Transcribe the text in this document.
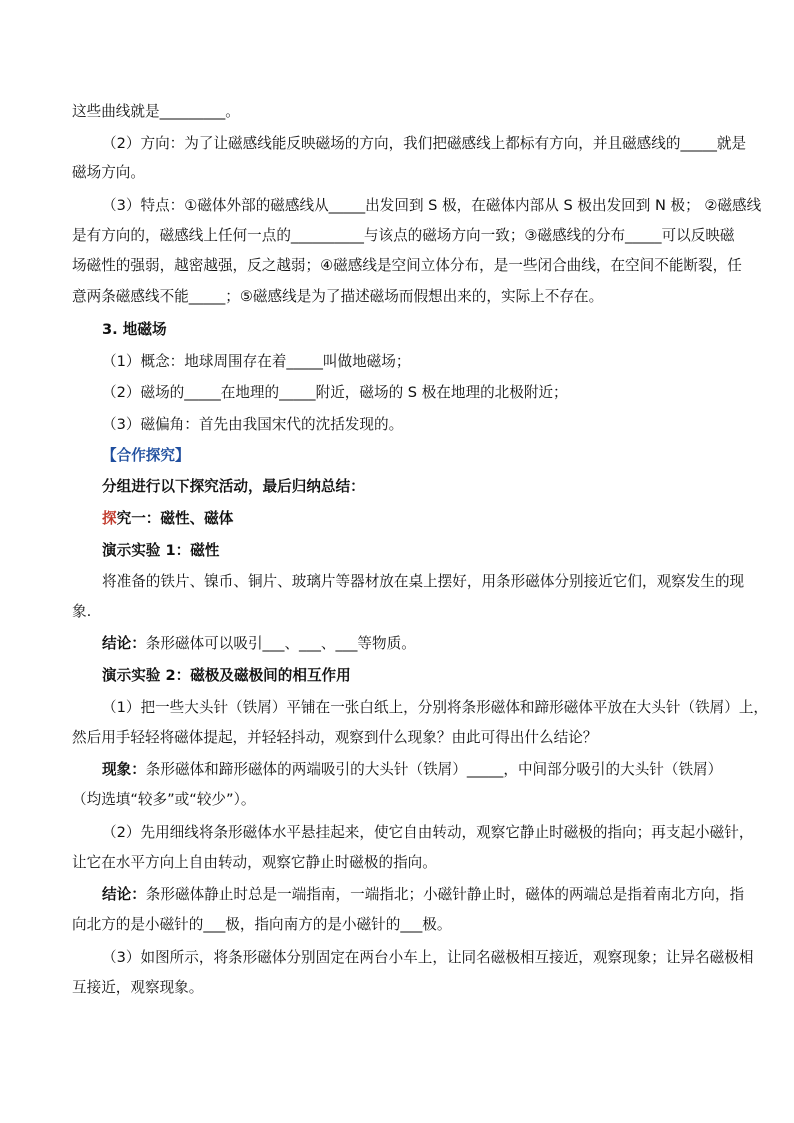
这些曲线就是_________。
（2）方向：为了让磁感线能反映磁场的方向，我们把磁感线上都标有方向，并且磁感线的_____就是
磁场方向。
（3）特点：①磁体外部的磁感线从_____出发回到 S 极，在磁体内部从 S 极出发回到 N 极； ②磁感线
是有方向的，磁感线上任何一点的__________与该点的磁场方向一致；③磁感线的分布_____可以反映磁
场磁性的强弱，越密越强，反之越弱；④磁感线是空间立体分布，是一些闭合曲线，在空间不能断裂，任
意两条磁感线不能_____；⑤磁感线是为了描述磁场而假想出来的，实际上不存在。
3. 地磁场
（1）概念：地球周围存在着_____叫做地磁场；
（2）磁场的_____在地理的_____附近，磁场的 S 极在地理的北极附近；
（3）磁偏角：首先由我国宋代的沈括发现的。
【合作探究】
分组进行以下探究活动，最后归纳总结：
探究一：磁性、磁体
演示实验 1：磁性
将准备的铁片、镍币、铜片、玻璃片等器材放在桌上摆好，用条形磁体分别接近它们，观察发生的现
象.
结论：条形磁体可以吸引___、___、___等物质。
演示实验 2：磁极及磁极间的相互作用
（1）把一些大头针（铁屑）平铺在一张白纸上，分别将条形磁体和蹄形磁体平放在大头针（铁屑）上，
然后用手轻轻将磁体提起，并轻轻抖动，观察到什么现象？由此可得出什么结论？
现象：条形磁体和蹄形磁体的两端吸引的大头针（铁屑）_____，中间部分吸引的大头针（铁屑）
（均选填“较多”或“较少”）。
（2）先用细线将条形磁体水平悬挂起来，使它自由转动，观察它静止时磁极的指向；再支起小磁针，
让它在水平方向上自由转动，观察它静止时磁极的指向。
结论：条形磁体静止时总是一端指南，一端指北；小磁针静止时，磁体的两端总是指着南北方向，指
向北方的是小磁针的___极，指向南方的是小磁针的___极。
（3）如图所示，将条形磁体分别固定在两台小车上，让同名磁极相互接近，观察现象；让异名磁极相
互接近，观察现象。
